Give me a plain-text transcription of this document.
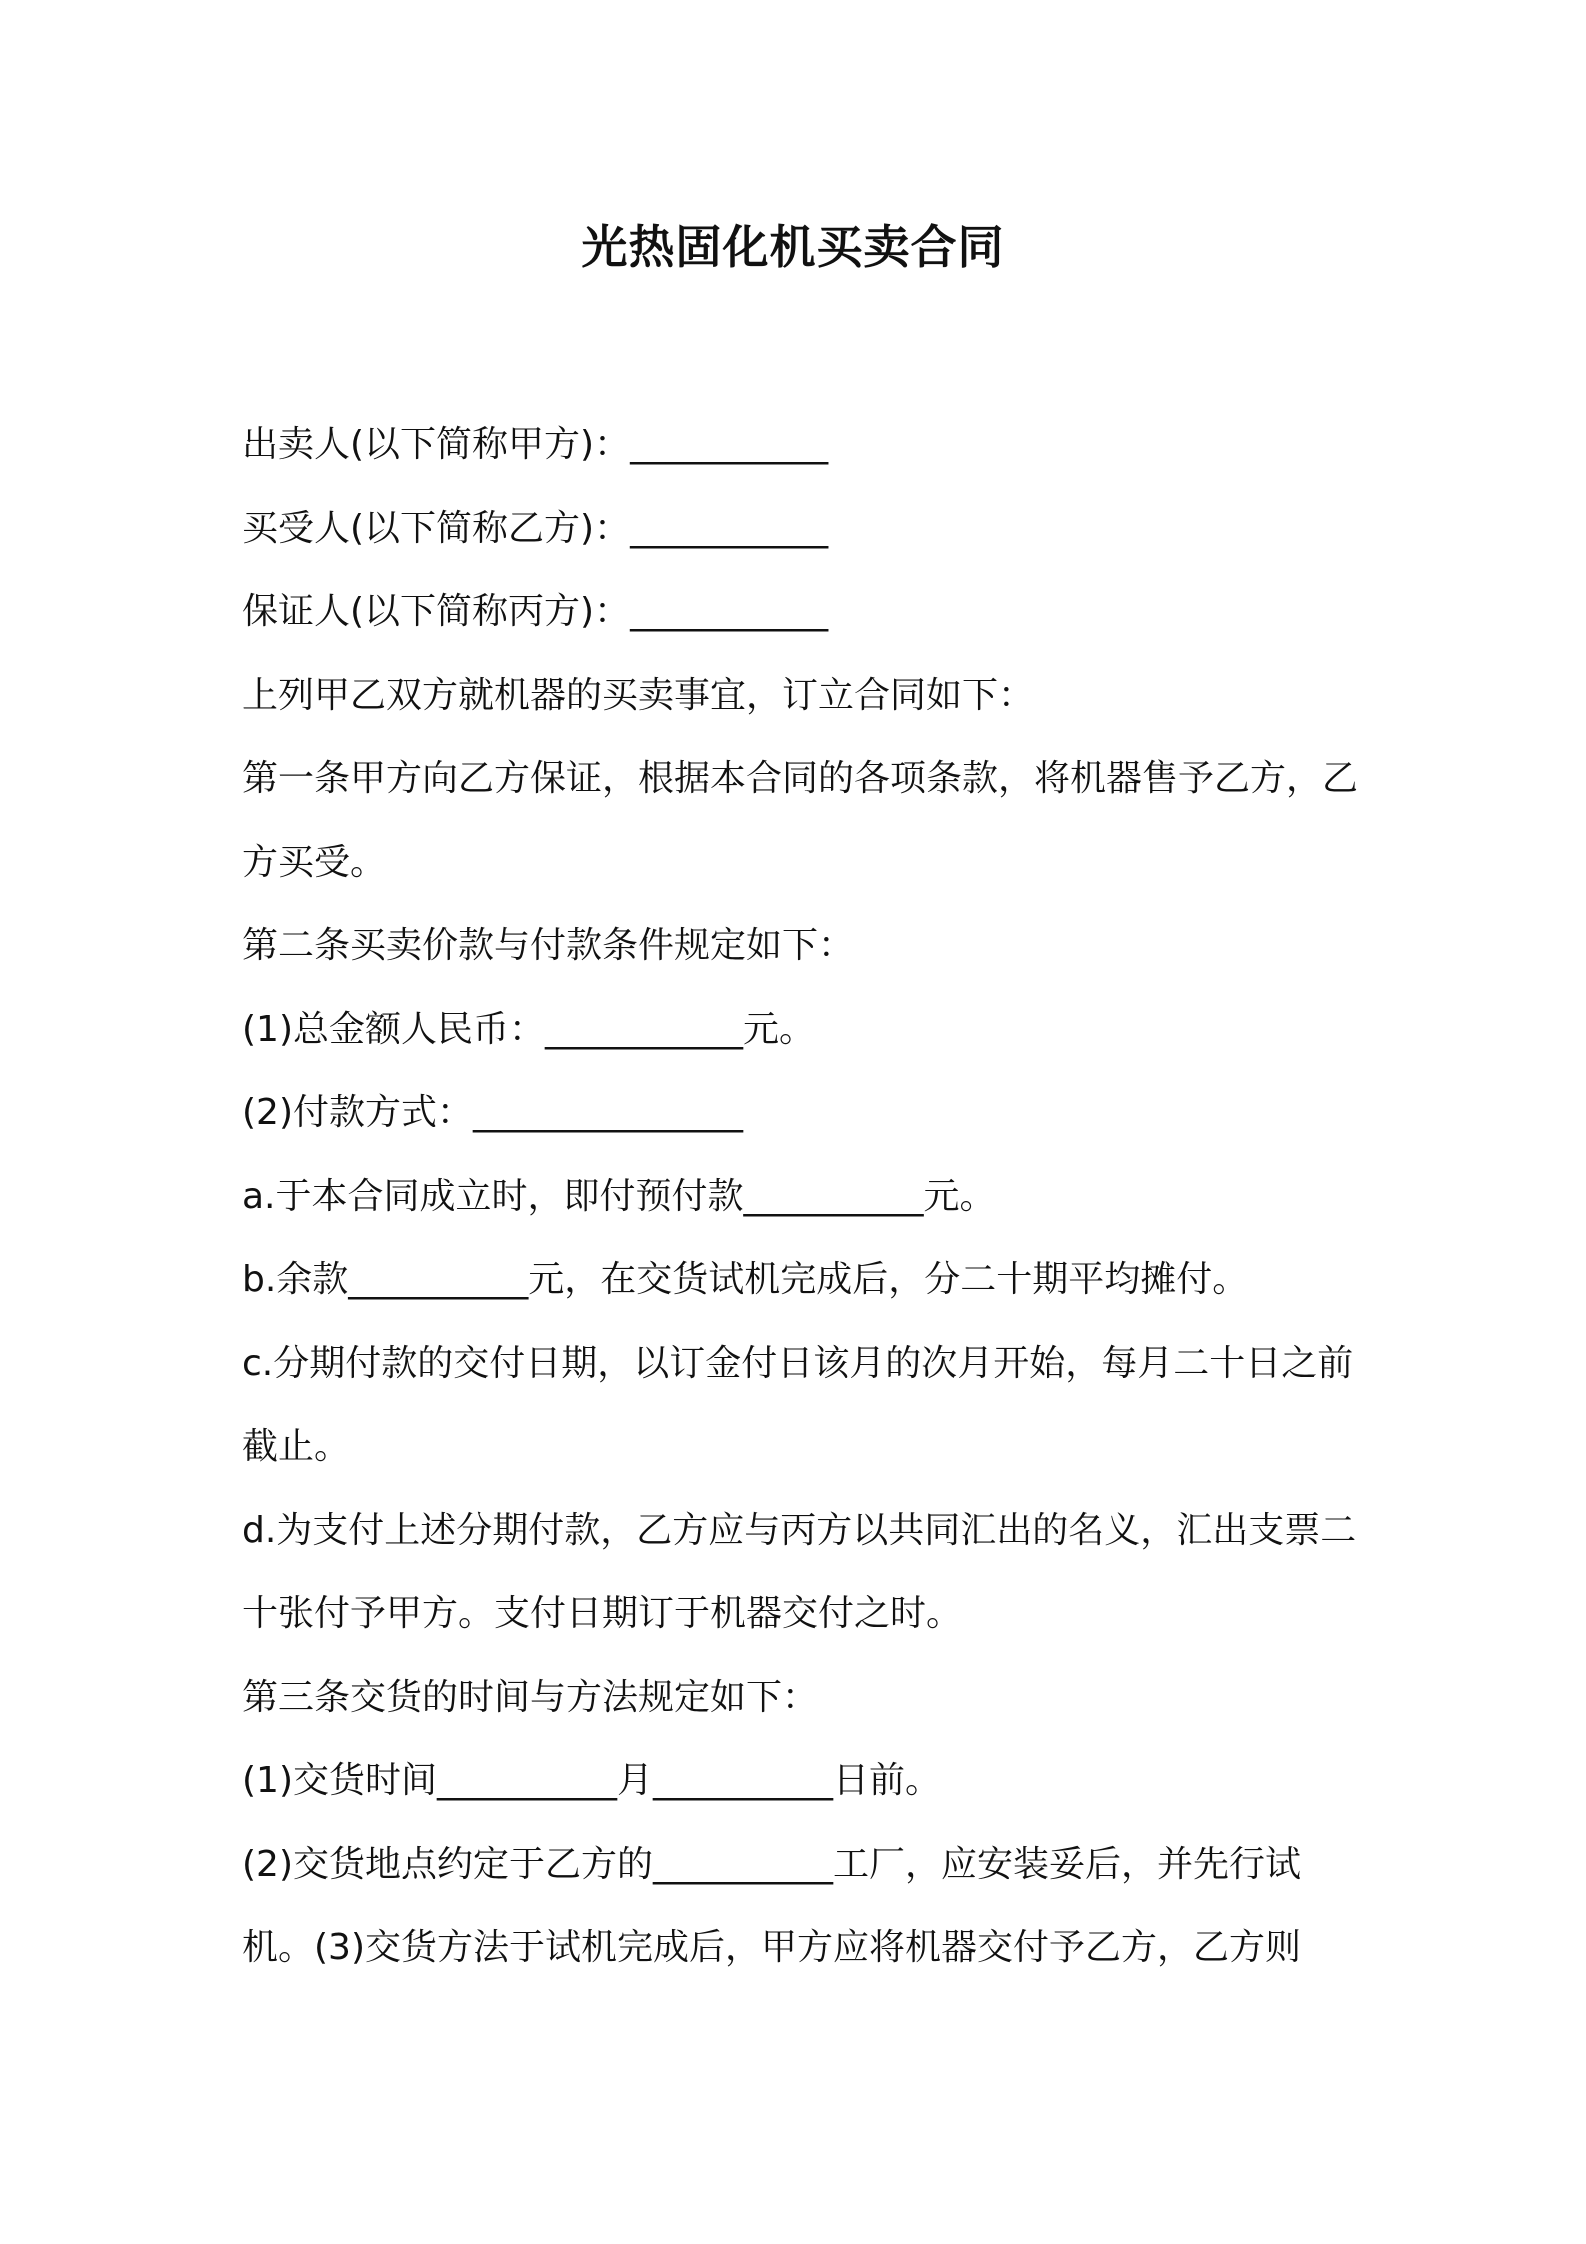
光热固化机买卖合同

出卖人(以下简称甲方)：___________

买受人(以下简称乙方)：___________

保证人(以下简称丙方)：___________

上列甲乙双方就机器的买卖事宜，订立合同如下：

第一条甲方向乙方保证，根据本合同的各项条款，将机器售予乙方，乙方买受。

第二条买卖价款与付款条件规定如下：

(1)总金额人民币：___________元。

(2)付款方式：_______________

a.于本合同成立时，即付预付款__________元。

b.余款__________元，在交货试机完成后，分二十期平均摊付。

c.分期付款的交付日期，以订金付日该月的次月开始，每月二十日之前截止。

d.为支付上述分期付款，乙方应与丙方以共同汇出的名义，汇出支票二十张付予甲方。支付日期订于机器交付之时。

第三条交货的时间与方法规定如下：

(1)交货时间__________月__________日前。

(2)交货地点约定于乙方的__________工厂，应安装妥后，并先行试机。(3)交货方法于试机完成后，甲方应将机器交付予乙方，乙方则
